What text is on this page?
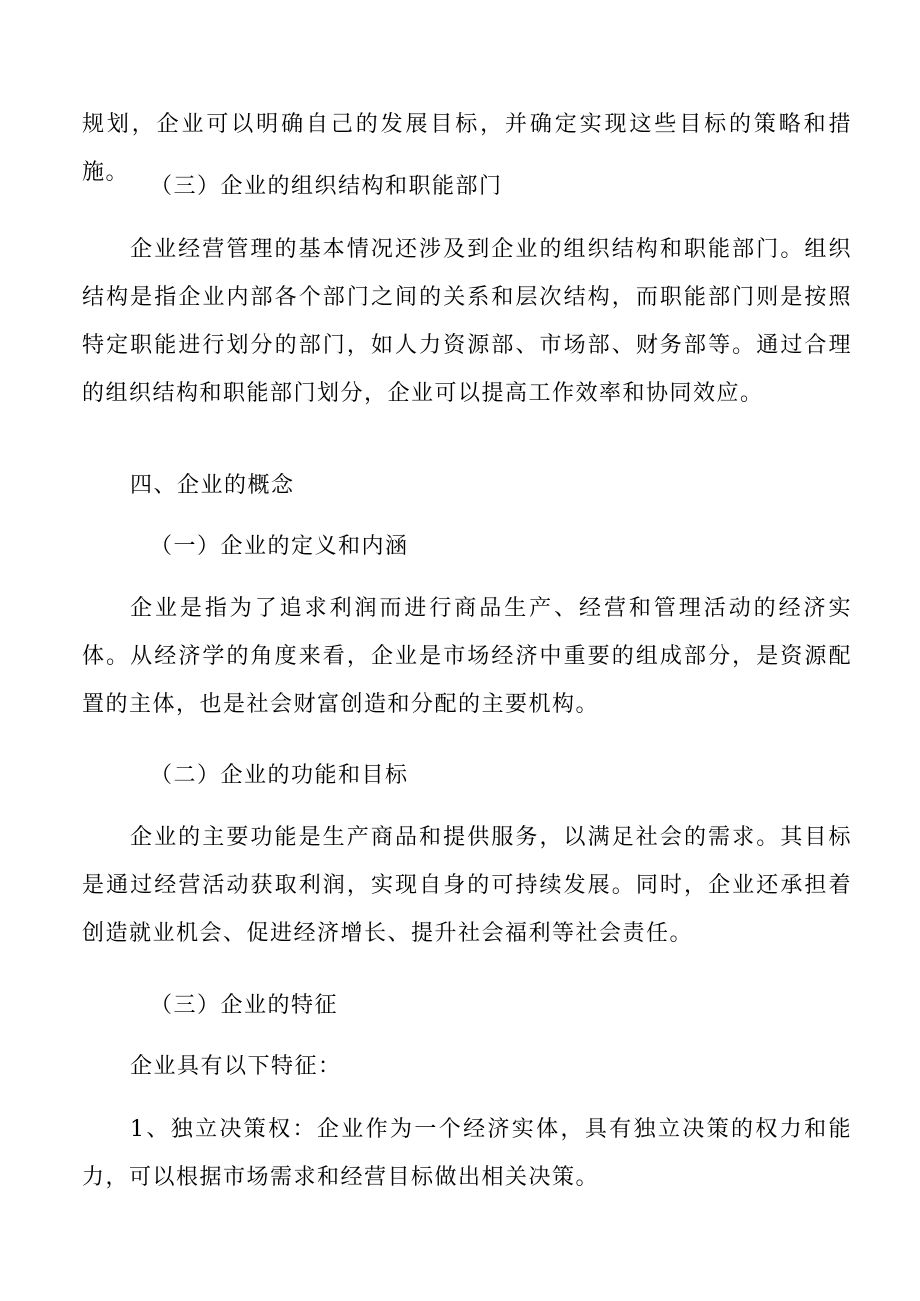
规划，企业可以明确自己的发展目标，并确定实现这些目标的策略和措施。

（三）企业的组织结构和职能部门

企业经营管理的基本情况还涉及到企业的组织结构和职能部门。组织结构是指企业内部各个部门之间的关系和层次结构，而职能部门则是按照特定职能进行划分的部门，如人力资源部、市场部、财务部等。通过合理的组织结构和职能部门划分，企业可以提高工作效率和协同效应。

四、企业的概念

（一）企业的定义和内涵

企业是指为了追求利润而进行商品生产、经营和管理活动的经济实体。从经济学的角度来看，企业是市场经济中重要的组成部分，是资源配置的主体，也是社会财富创造和分配的主要机构。

（二）企业的功能和目标

企业的主要功能是生产商品和提供服务，以满足社会的需求。其目标是通过经营活动获取利润，实现自身的可持续发展。同时，企业还承担着创造就业机会、促进经济增长、提升社会福利等社会责任。

（三）企业的特征

企业具有以下特征：

1、独立决策权：企业作为一个经济实体，具有独立决策的权力和能力，可以根据市场需求和经营目标做出相关决策。
